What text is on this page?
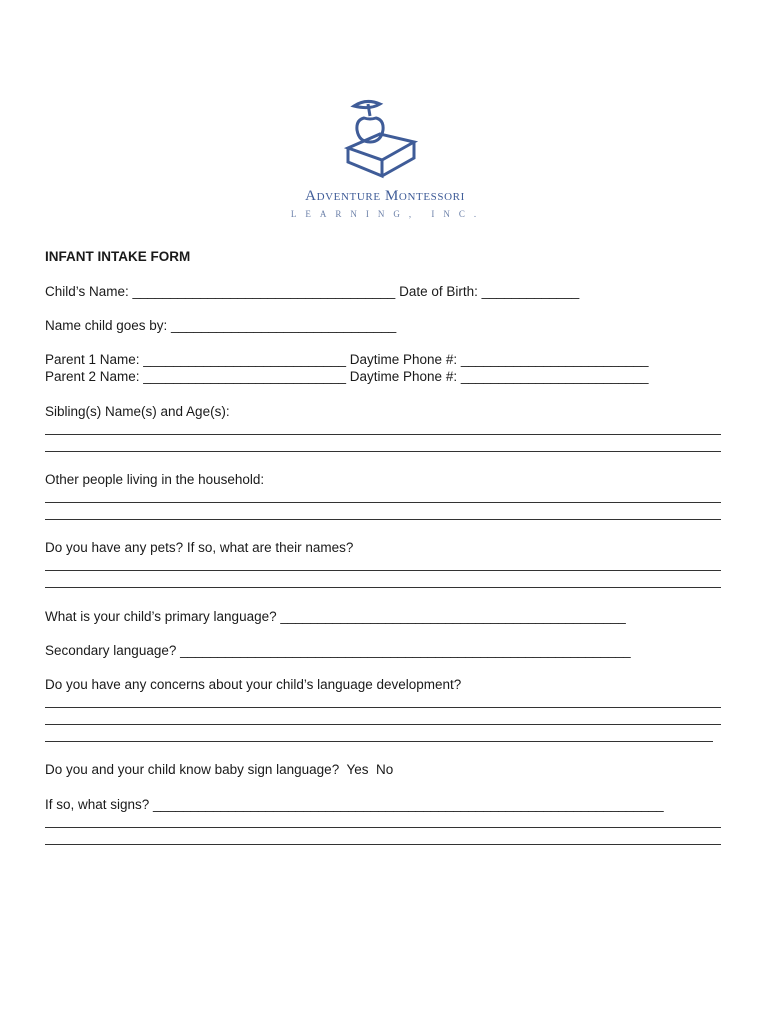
Adventure Montessori
LEARNING, INC.
INFANT INTAKE FORM
Child’s Name: ___________________________________ Date of Birth: _____________
Name child goes by: ______________________________
Parent 1 Name: ___________________________ Daytime Phone #: _________________________
Parent 2 Name: ___________________________ Daytime Phone #: _________________________
Sibling(s) Name(s) and Age(s):
Other people living in the household:
Do you have any pets? If so, what are their names?
What is your child’s primary language? ______________________________________________
Secondary language? ____________________________________________________________
Do you have any concerns about your child’s language development?
Do you and your child know baby sign language?  Yes  No
If so, what signs? ____________________________________________________________________
